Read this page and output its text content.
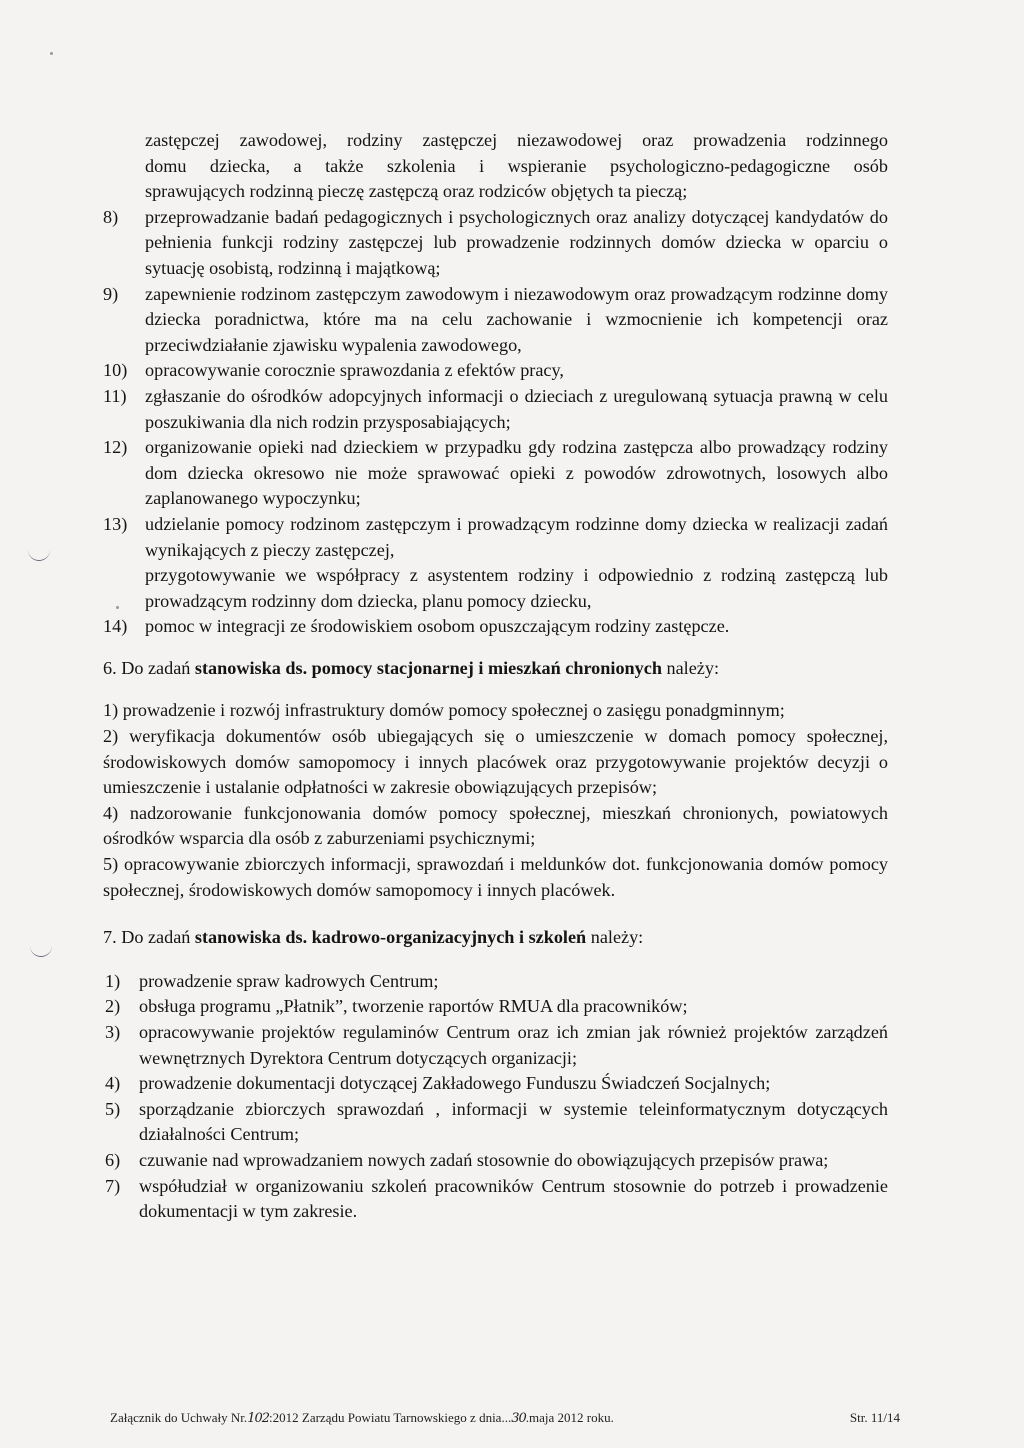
zastępczej zawodowej, rodziny zastępczej niezawodowej oraz prowadzenia rodzinnego
domu dziecka, a także szkolenia i wspieranie psychologiczno-pedagogiczne osób
sprawujących rodzinną pieczę zastępczą oraz rodziców objętych ta pieczą;
8)	przeprowadzanie badań pedagogicznych i psychologicznych oraz analizy dotyczącej kandydatów do pełnienia funkcji rodziny zastępczej lub prowadzenie rodzinnych domów dziecka w oparciu o sytuację osobistą, rodzinną i majątkową;
9)	zapewnienie rodzinom zastępczym zawodowym i niezawodowym oraz prowadzącym rodzinne domy dziecka poradnictwa, które ma na celu zachowanie i wzmocnienie ich kompetencji oraz przeciwdziałanie zjawisku wypalenia zawodowego,
10) opracowywanie corocznie sprawozdania z efektów pracy,
11)	zgłaszanie do ośrodków adopcyjnych informacji o dzieciach z uregulowaną sytuacja prawną w celu poszukiwania dla nich rodzin przysposabiających;
12) organizowanie opieki nad dzieckiem w przypadku gdy rodzina zastępcza albo prowadzący rodziny dom dziecka okresowo nie może sprawować opieki z powodów zdrowotnych, losowych albo zaplanowanego wypoczynku;
13) udzielanie pomocy rodzinom zastępczym i prowadzącym rodzinne domy dziecka w realizacji zadań wynikających z pieczy zastępczej,
przygotowywanie we współpracy z asystentem rodziny i odpowiednio z rodziną zastępczą lub prowadzącym rodzinny dom dziecka, planu pomocy dziecku,
14) pomoc w integracji ze środowiskiem osobom opuszczającym rodziny zastępcze.
6. Do zadań stanowiska ds. pomocy stacjonarnej i mieszkań chronionych należy:
1) prowadzenie i rozwój infrastruktury domów pomocy społecznej o zasięgu ponadgminnym;
2) weryfikacja dokumentów osób ubiegających się o umieszczenie w domach pomocy społecznej, środowiskowych domów samopomocy i innych placówek oraz przygotowywanie projektów decyzji o umieszczenie i ustalanie odpłatności w zakresie obowiązujących przepisów;
4) nadzorowanie funkcjonowania domów pomocy społecznej, mieszkań chronionych, powiatowych ośrodków wsparcia dla osób z zaburzeniami psychicznymi;
5) opracowywanie zbiorczych informacji, sprawozdań i meldunków dot. funkcjonowania domów pomocy społecznej, środowiskowych domów samopomocy i innych placówek.
7. Do zadań stanowiska ds. kadrowo-organizacyjnych i szkoleń należy:
1)	prowadzenie spraw kadrowych Centrum;
2)	obsługa programu „Płatnik”, tworzenie raportów RMUA dla pracowników;
3)	opracowywanie projektów regulaminów Centrum oraz ich zmian jak również projektów zarządzeń wewnętrznych Dyrektora Centrum dotyczących organizacji;
4)	prowadzenie dokumentacji dotyczącej Zakładowego Funduszu Świadczeń Socjalnych;
5)	sporządzanie zbiorczych sprawozdań , informacji w systemie teleinformatycznym dotyczących działalności Centrum;
6)	czuwanie nad wprowadzaniem nowych zadań stosownie do obowiązujących przepisów prawa;
7)	współudział w organizowaniu szkoleń pracowników Centrum stosownie do potrzeb i prowadzenie dokumentacji w tym zakresie.
Załącznik do Uchwały Nr.102:2012 Zarządu Powiatu Tarnowskiego z dnia...30.maja 2012 roku.	Str. 11/14
